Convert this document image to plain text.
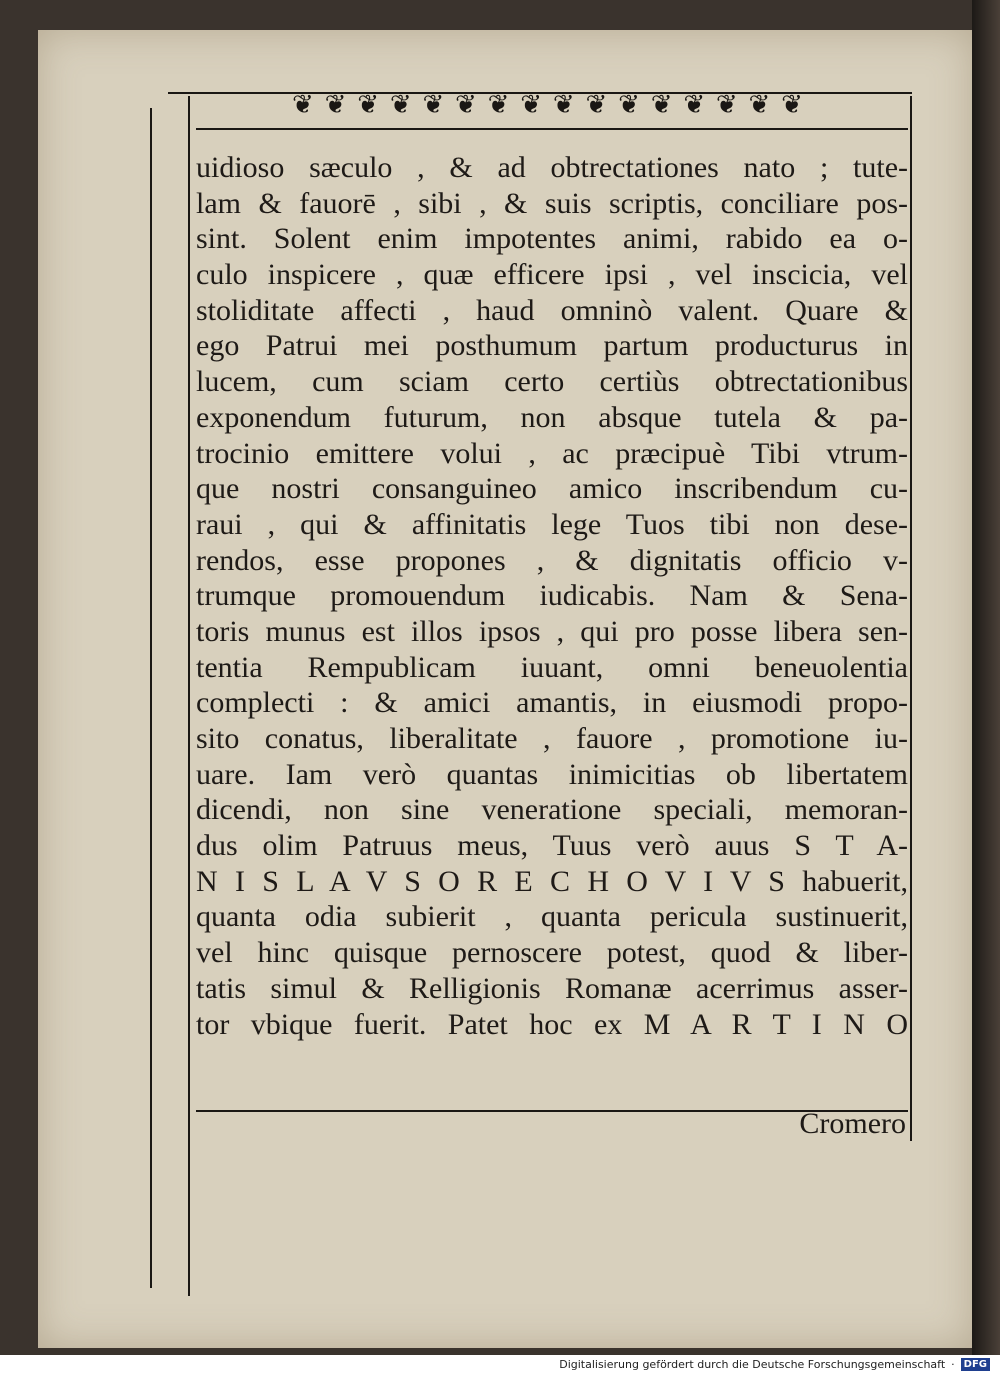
❦ ❦ ❦ ❦ ❦ ❦ ❦ ❦ ❦ ❦ ❦ ❦ ❦ ❦ ❦ ❦
uidioso sæculo , & ad obtrectationes nato ; tute-
lam & fauorē , sibi , & suis scriptis, conciliare pos-
sint. Solent enim impotentes animi, rabido ea o-
culo inspicere , quæ efficere ipsi , vel inscicia, vel
stoliditate affecti , haud omninò valent. Quare &
ego Patrui mei posthumum partum producturus in
lucem, cum sciam certo certiùs obtrectationibus
exponendum futurum, non absque tutela & pa-
trocinio emittere volui , ac præcipuè Tibi vtrum-
que nostri consanguineo amico inscribendum cu-
raui , qui & affinitatis lege Tuos tibi non dese-
rendos, esse propones , & dignitatis officio v-
trumque promouendum iudicabis. Nam & Sena-
toris munus est illos ipsos , qui pro posse libera sen-
tentia Rempublicam iuuant, omni beneuolentia
complecti : & amici amantis, in eiusmodi propo-
sito conatus, liberalitate , fauore , promotione iu-
uare. Iam verò quantas inimicitias ob libertatem
dicendi, non sine veneratione speciali, memoran-
dus olim Patruus meus, Tuus verò auus S T A-
N I S L A V S O R E C H O V I V S habuerit,
quanta odia subierit , quanta pericula sustinuerit,
vel hinc quisque pernoscere potest, quod & liber-
tatis simul & Relligionis Romanæ acerrimus asser-
tor vbique fuerit. Patet hoc ex M A R T I N O
Cromero
Digitalisierung gefördert durch die Deutsche Forschungsgemeinschaft · DFG
